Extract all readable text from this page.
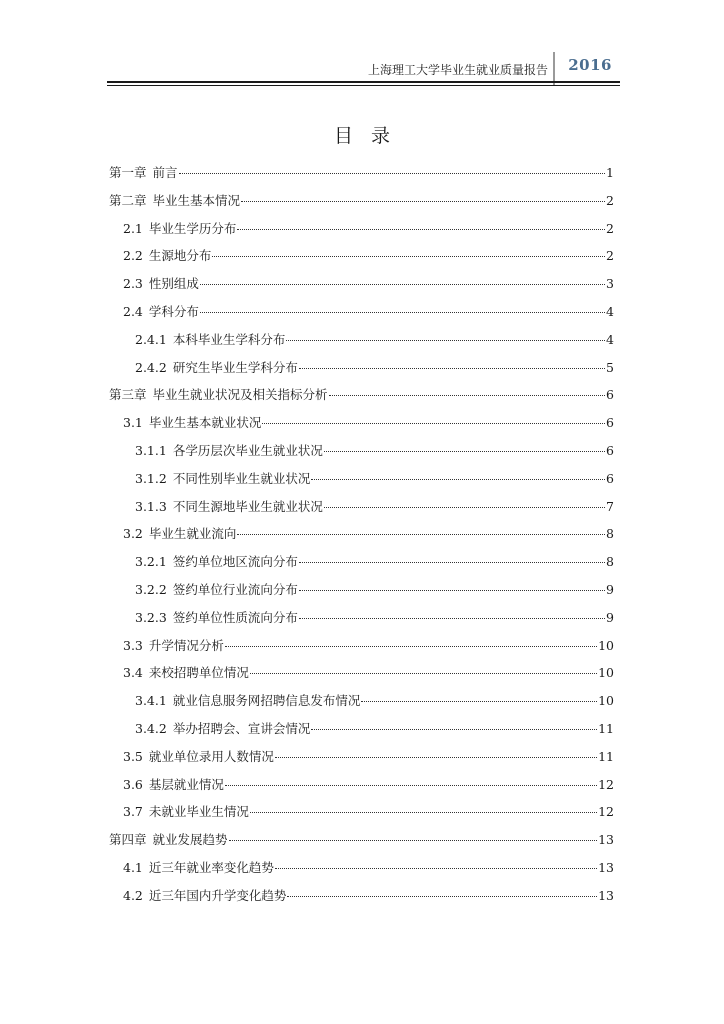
上海理工大学毕业生就业质量报告 2016
目录
第一章 前言	1
第二章 毕业生基本情况	2
2.1 毕业生学历分布	2
2.2 生源地分布	2
2.3 性别组成	3
2.4 学科分布	4
2.4.1 本科毕业生学科分布	4
2.4.2 研究生毕业生学科分布	5
第三章 毕业生就业状况及相关指标分析	6
3.1 毕业生基本就业状况	6
3.1.1 各学历层次毕业生就业状况	6
3.1.2 不同性别毕业生就业状况	6
3.1.3 不同生源地毕业生就业状况	7
3.2 毕业生就业流向	8
3.2.1 签约单位地区流向分布	8
3.2.2 签约单位行业流向分布	9
3.2.3 签约单位性质流向分布	9
3.3 升学情况分析	10
3.4 来校招聘单位情况	10
3.4.1 就业信息服务网招聘信息发布情况	10
3.4.2 举办招聘会、宣讲会情况	11
3.5 就业单位录用人数情况	11
3.6 基层就业情况	12
3.7 未就业毕业生情况	12
第四章 就业发展趋势	13
4.1 近三年就业率变化趋势	13
4.2 近三年国内升学变化趋势	13
